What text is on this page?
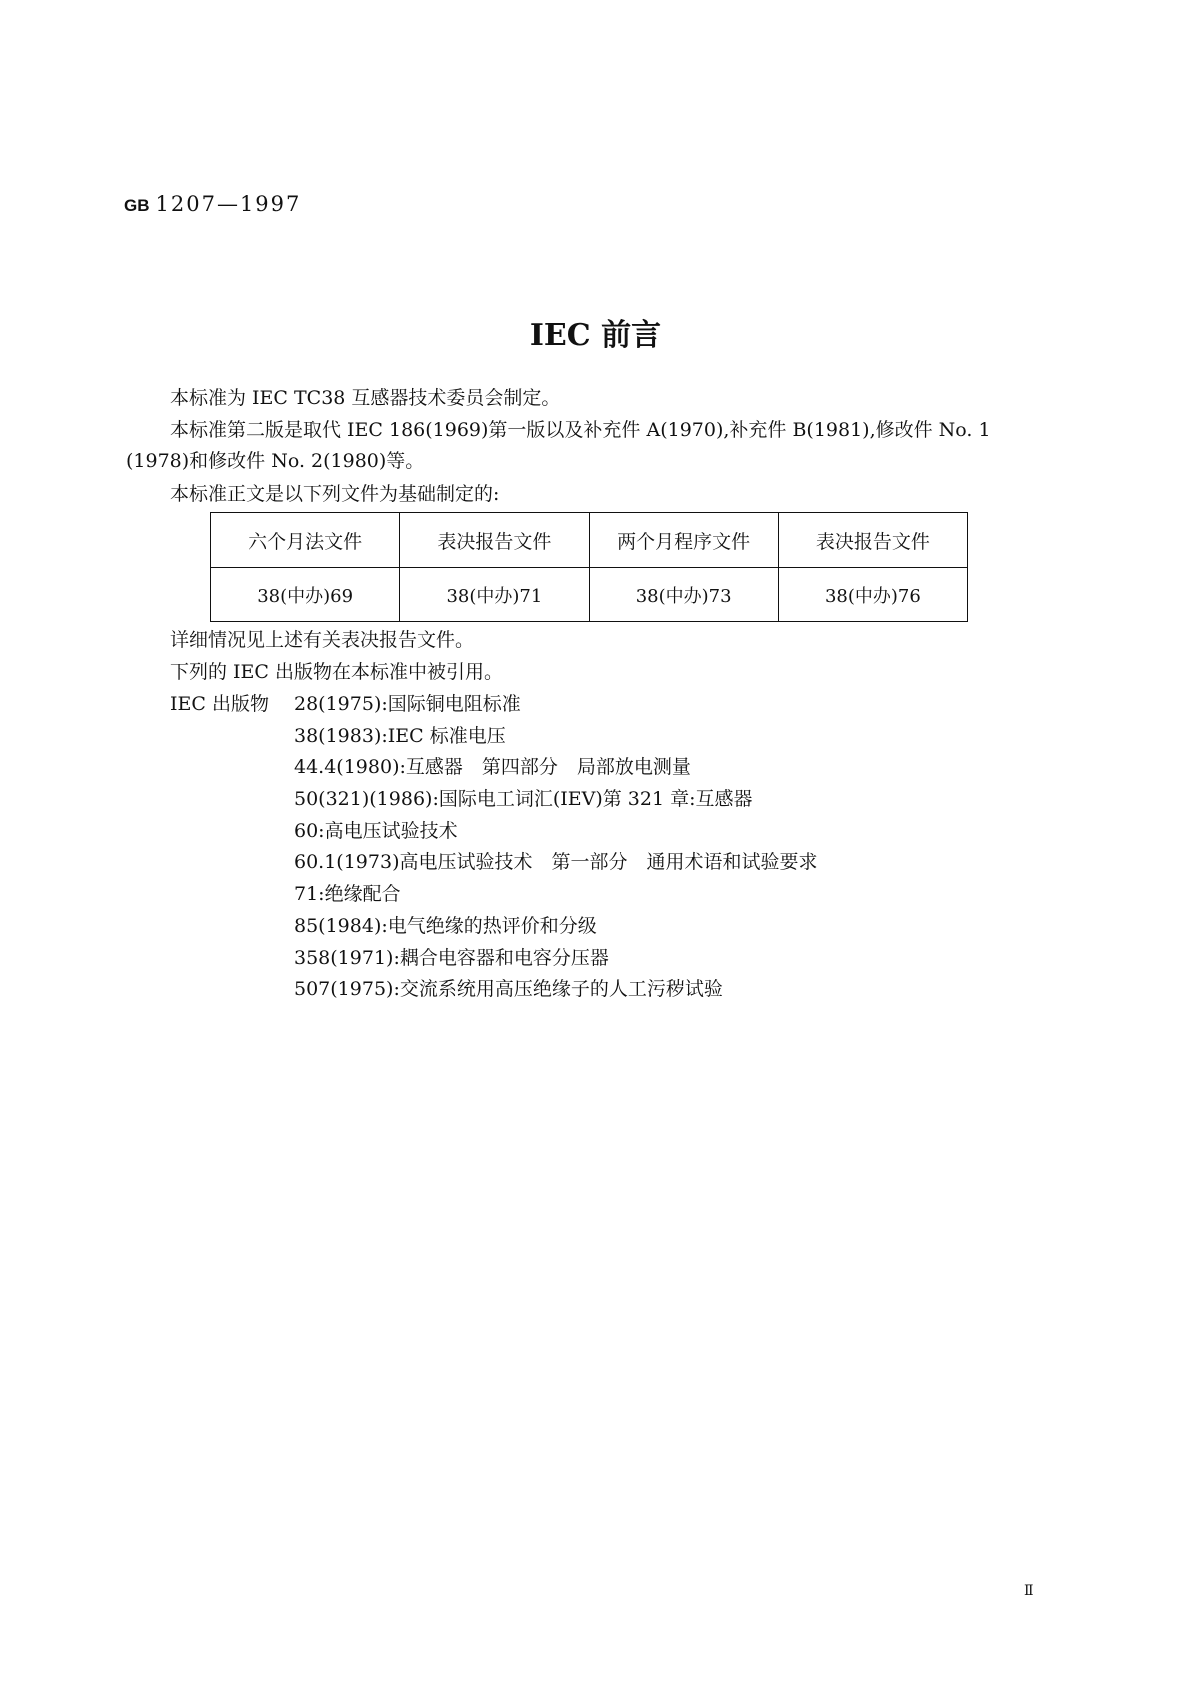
GB 1207—1997
IEC 前言
本标准为 IEC TC38 互感器技术委员会制定。
本标准第二版是取代 IEC 186(1969)第一版以及补充件 A(1970),补充件 B(1981),修改件 No. 1 (1978)和修改件 No. 2(1980)等。
本标准正文是以下列文件为基础制定的:
六个月法文件	表决报告文件	两个月程序文件	表决报告文件
38(中办)69	38(中办)71	38(中办)73	38(中办)76
详细情况见上述有关表决报告文件。
下列的 IEC 出版物在本标准中被引用。
IEC 出版物 28(1975):国际铜电阻标准
38(1983):IEC 标准电压
44.4(1980):互感器　第四部分　局部放电测量
50(321)(1986):国际电工词汇(IEV)第 321 章:互感器
60:高电压试验技术
60.1(1973)高电压试验技术　第一部分　通用术语和试验要求
71:绝缘配合
85(1984):电气绝缘的热评价和分级
358(1971):耦合电容器和电容分压器
507(1975):交流系统用高压绝缘子的人工污秽试验
Ⅱ
